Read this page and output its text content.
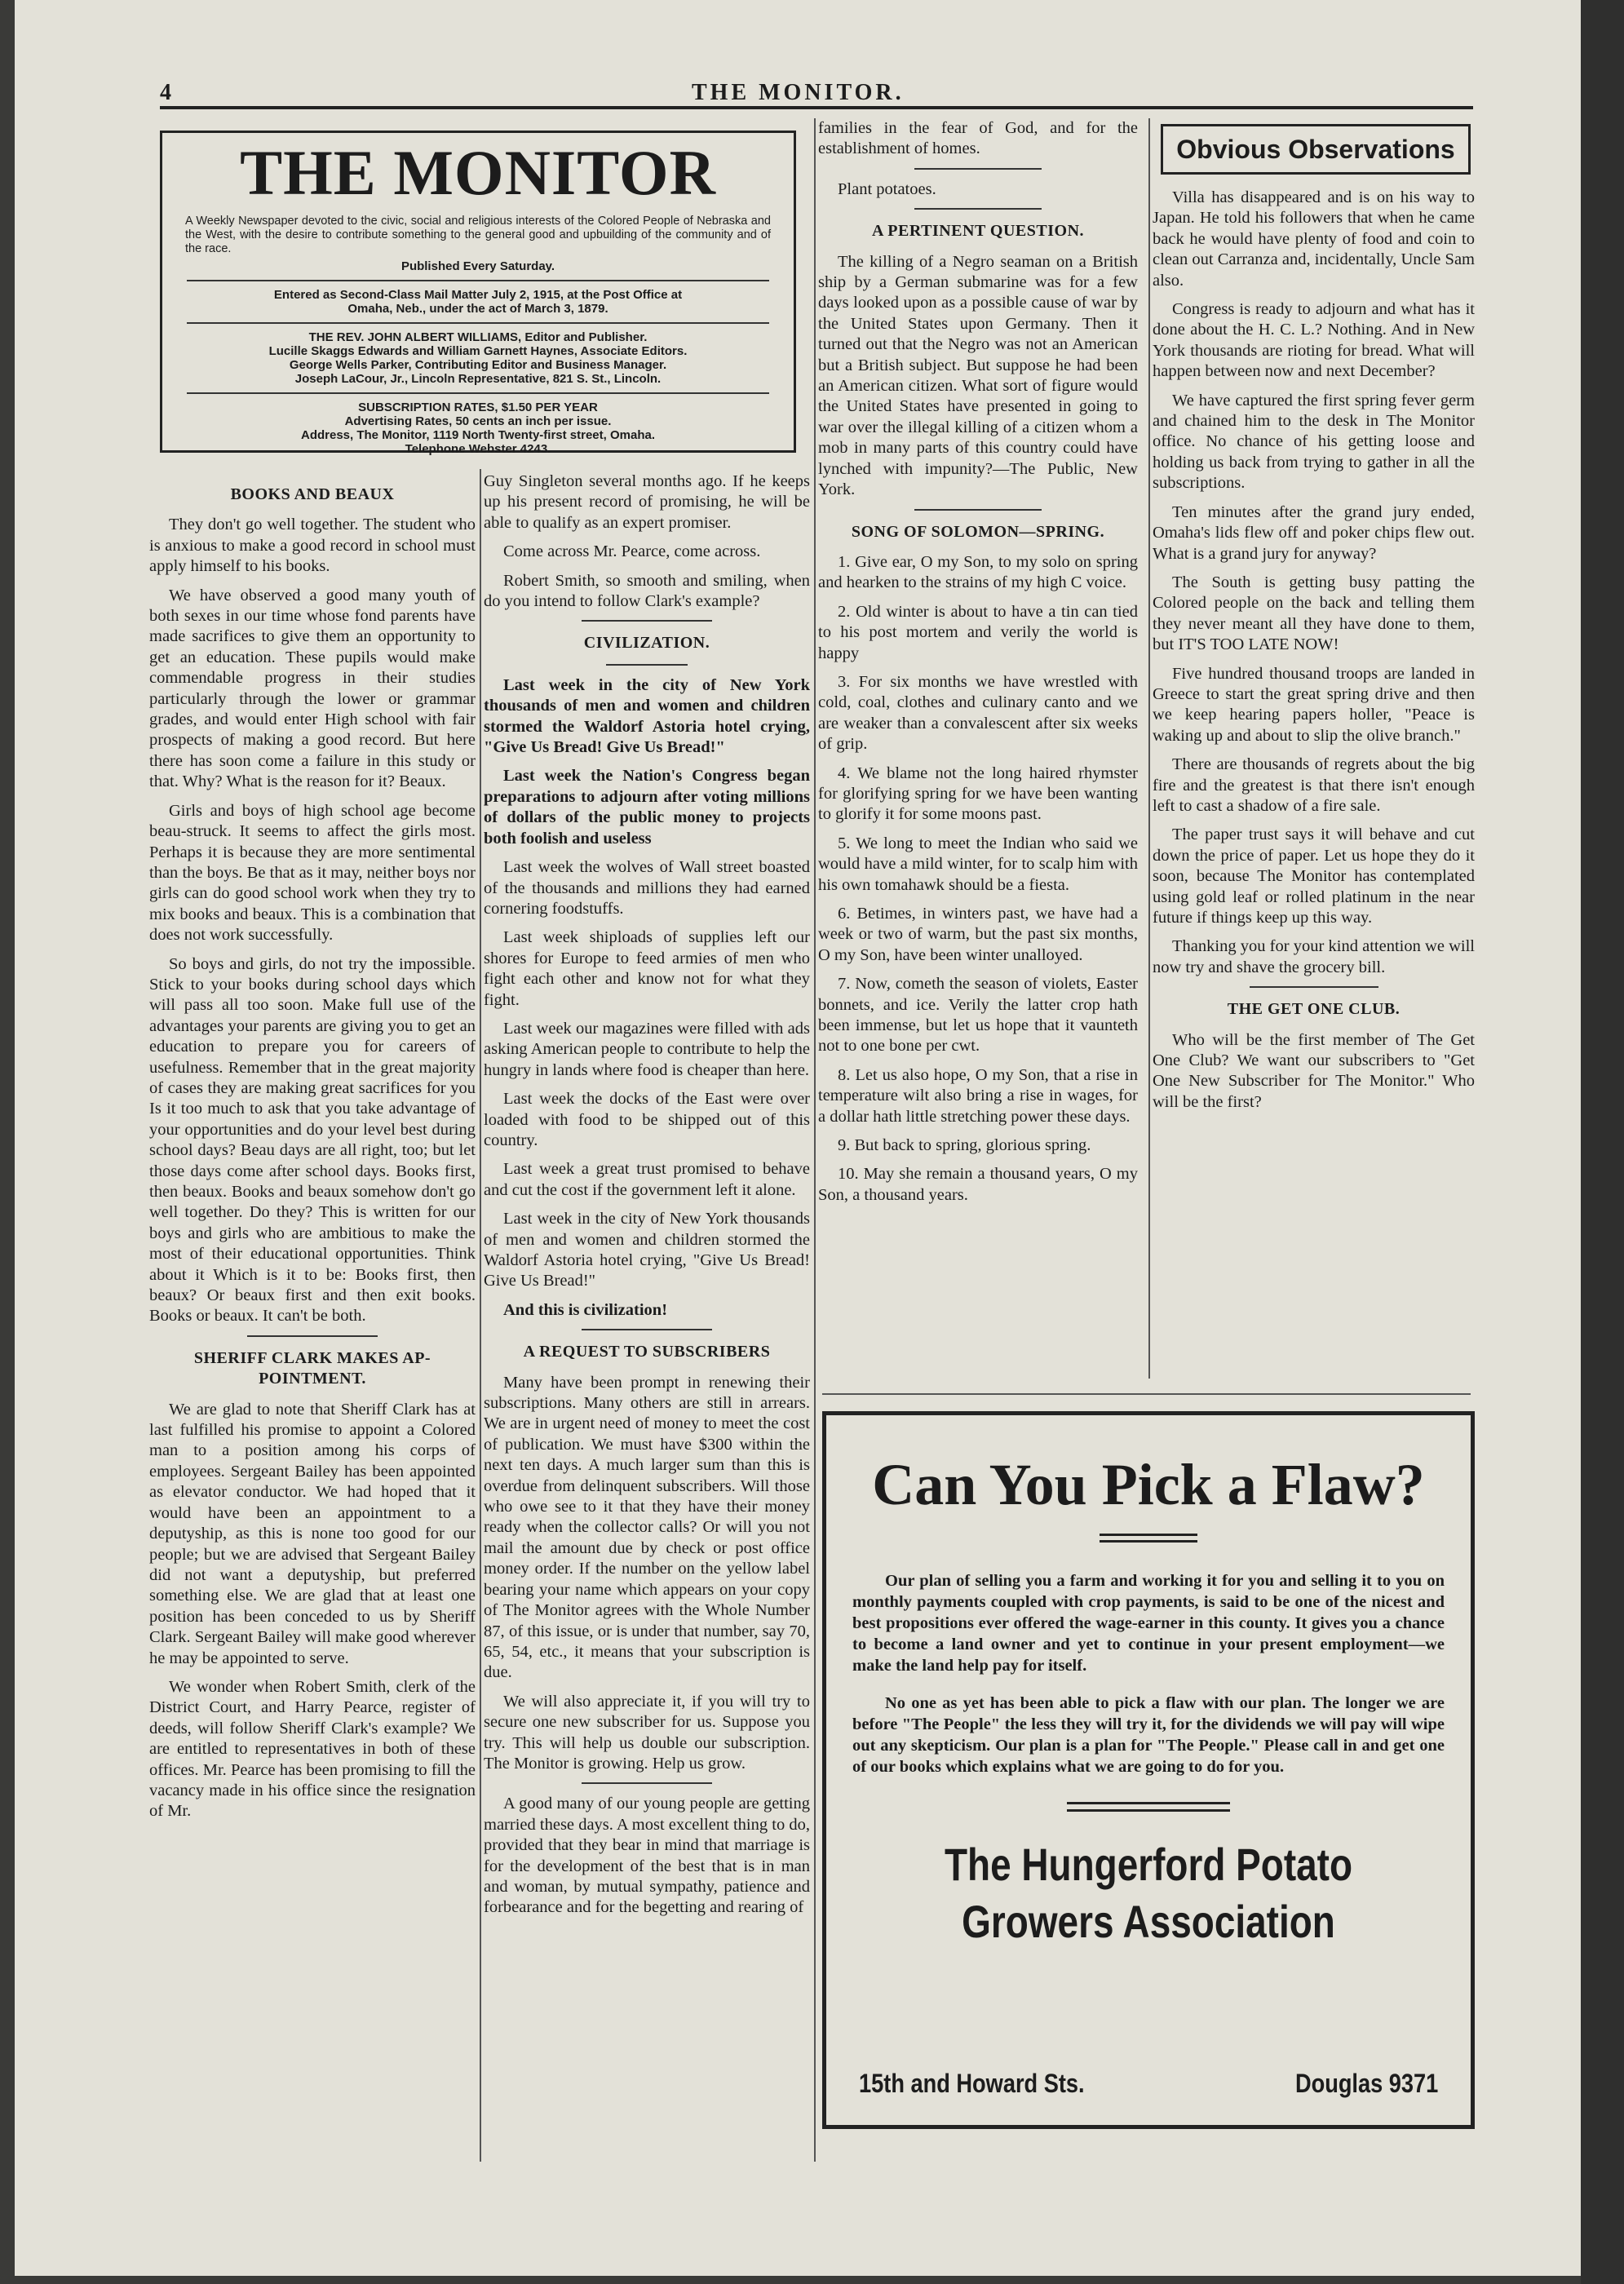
4	THE MONITOR.
THE MONITOR
A Weekly Newspaper devoted to the civic, social and religious interests of the Colored People of Nebraska and the West, with the desire to contribute something to the general good and upbuilding of the community and of the race.
Published Every Saturday.
Entered as Second-Class Mail Matter July 2, 1915, at the Post Office at
Omaha, Neb., under the act of March 3, 1879.
THE REV. JOHN ALBERT WILLIAMS, Editor and Publisher.
Lucille Skaggs Edwards and William Garnett Haynes, Associate Editors.
George Wells Parker, Contributing Editor and Business Manager.
Joseph LaCour, Jr., Lincoln Representative, 821 S. St., Lincoln.
SUBSCRIPTION RATES, $1.50 PER YEAR
Advertising Rates, 50 cents an inch per issue.
Address, The Monitor, 1119 North Twenty-first street, Omaha.
Telephone Webster 4243.
BOOKS AND BEAUX

They don't go well together. The student who is anxious to make a good record in school must apply himself to his books.

We have observed a good many youth of both sexes in our time whose fond parents have made sacrifices to give them an opportunity to get an education. These pupils would make commendable progress in their studies particularly through the lower or grammar grades, and would enter High school with fair prospects of making a good record. But here there has soon come a failure in this study or that. Why? What is the reason for it? Beaux.

Girls and boys of high school age become beau-struck. It seems to affect the girls most. Perhaps it is because they are more sentimental than the boys. Be that as it may, neither boys nor girls can do good school work when they try to mix books and beaux. This is a combination that does not work successfully.

So boys and girls, do not try the impossible. Stick to your books during school days which will pass all too soon. Make full use of the advantages your parents are giving you to get an education to prepare you for careers of usefulness. Remember that in the great majority of cases they are making great sacrifices for you Is it too much to ask that you take advantage of your opportunities and do your level best during school days? Beau days are all right, too; but let those days come after school days. Books first, then beaux. Books and beaux somehow don't go well together. Do they? This is written for our boys and girls who are ambitious to make the most of their educational opportunities. Think about it Which is it to be: Books first, then beaux? Or beaux first and then exit books. Books or beaux. It can't be both.

SHERIFF CLARK MAKES AP-POINTMENT.

We are glad to note that Sheriff Clark has at last fulfilled his promise to appoint a Colored man to a position among his corps of employees. Sergeant Bailey has been appointed as elevator conductor. We had hoped that it would have been an appointment to a deputyship, as this is none too good for our people; but we are advised that Sergeant Bailey did not want a deputyship, but preferred something else. We are glad that at least one position has been conceded to us by Sheriff Clark. Sergeant Bailey will make good wherever he may be appointed to serve.

We wonder when Robert Smith, clerk of the District Court, and Harry Pearce, register of deeds, will follow Sheriff Clark's example? We are entitled to representatives in both of these offices. Mr. Pearce has been promising to fill the vacancy made in his office since the resignation of Mr.

Guy Singleton several months ago. If he keeps up his present record of promising, he will be able to qualify as an expert promiser.

Come across Mr. Pearce, come across.

Robert Smith, so smooth and smiling, when do you intend to follow Clark's example?

CIVILIZATION.

Last week in the city of New York thousands of men and women and children stormed the Waldorf Astoria hotel crying, "Give Us Bread! Give Us Bread!"

Last week the Nation's Congress began preparations to adjourn after voting millions of dollars of the public money to projects both foolish and useless

Last week the wolves of Wall street boasted of the thousands and millions they had earned cornering foodstuffs.

Last week shiploads of supplies left our shores for Europe to feed armies of men who fight each other and know not for what they fight.

Last week our magazines were filled with ads asking American people to contribute to help the hungry in lands where food is cheaper than here.

Last week the docks of the East were over loaded with food to be shipped out of this country.

Last week a great trust promised to behave and cut the cost if the government left it alone.

Last week in the city of New York thousands of men and women and children stormed the Waldorf Astoria hotel crying, "Give Us Bread! Give Us Bread!"

And this is civilization!

A REQUEST TO SUBSCRIBERS

Many have been prompt in renewing their subscriptions. Many others are still in arrears. We are in urgent need of money to meet the cost of publication. We must have $300 within the next ten days. A much larger sum than this is overdue from delinquent subscribers. Will those who owe see to it that they have their money ready when the collector calls? Or will you not mail the amount due by check or post office money order. If the number on the yellow label bearing your name which appears on your copy of The Monitor agrees with the Whole Number 87, of this issue, or is under that number, say 70, 65, 54, etc., it means that your subscription is due.

We will also appreciate it, if you will try to secure one new subscriber for us. Suppose you try. This will help us double our subscription. The Monitor is growing. Help us grow.

A good many of our young people are getting married these days. A most excellent thing to do, provided that they bear in mind that marriage is for the development of the best that is in man and woman, by mutual sympathy, patience and forbearance and for the begetting and rearing of

families in the fear of God, and for the establishment of homes.

Plant potatoes.

A PERTINENT QUESTION.

The killing of a Negro seaman on a British ship by a German submarine was for a few days looked upon as a possible cause of war by the United States upon Germany. Then it turned out that the Negro was not an American but a British subject. But suppose he had been an American citizen. What sort of figure would the United States have presented in going to war over the illegal killing of a citizen whom a mob in many parts of this country could have lynched with impunity?—The Public, New York.

SONG OF SOLOMON—SPRING.

1. Give ear, O my Son, to my solo on spring and hearken to the strains of my high C voice.

2. Old winter is about to have a tin can tied to his post mortem and verily the world is happy

3. For six months we have wrestled with cold, coal, clothes and culinary canto and we are weaker than a convalescent after six weeks of grip.

4. We blame not the long haired rhymster for glorifying spring for we have been wanting to glorify it for some moons past.

5. We long to meet the Indian who said we would have a mild winter, for to scalp him with his own tomahawk should be a fiesta.

6. Betimes, in winters past, we have had a week or two of warm, but the past six months, O my Son, have been winter unalloyed.

7. Now, cometh the season of violets, Easter bonnets, and ice. Verily the latter crop hath been immense, but let us hope that it vaunteth not to one bone per cwt.

8. Let us also hope, O my Son, that a rise in temperature wilt also bring a rise in wages, for a dollar hath little stretching power these days.

9. But back to spring, glorious spring.

10. May she remain a thousand years, O my Son, a thousand years.

Obvious Observations

Villa has disappeared and is on his way to Japan. He told his followers that when he came back he would have plenty of food and coin to clean out Carranza and, incidentally, Uncle Sam also.

Congress is ready to adjourn and what has it done about the H. C. L.? Nothing. And in New York thousands are rioting for bread. What will happen between now and next December?

We have captured the first spring fever germ and chained him to the desk in The Monitor office. No chance of his getting loose and holding us back from trying to gather in all the subscriptions.

Ten minutes after the grand jury ended, Omaha's lids flew off and poker chips flew out. What is a grand jury for anyway?

The South is getting busy patting the Colored people on the back and telling them they never meant all they have done to them, but IT'S TOO LATE NOW!

Five hundred thousand troops are landed in Greece to start the great spring drive and then we keep hearing papers holler, "Peace is waking up and about to slip the olive branch."

There are thousands of regrets about the big fire and the greatest is that there isn't enough left to cast a shadow of a fire sale.

The paper trust says it will behave and cut down the price of paper. Let us hope they do it soon, because The Monitor has contemplated using gold leaf or rolled platinum in the near future if things keep up this way.

Thanking you for your kind attention we will now try and shave the grocery bill.

THE GET ONE CLUB.

Who will be the first member of The Get One Club? We want our subscribers to "Get One New Subscriber for The Monitor." Who will be the first?

Can You Pick a Flaw?

Our plan of selling you a farm and working it for you and selling it to you on monthly payments coupled with crop payments, is said to be one of the nicest and best propositions ever offered the wage-earner in this county. It gives you a chance to become a land owner and yet to continue in your present employment—we make the land help pay for itself.

No one as yet has been able to pick a flaw with our plan. The longer we are before "The People" the less they will try it, for the dividends we will pay will wipe out any skepticism. Our plan is a plan for "The People." Please call in and get one of our books which explains what we are going to do for you.

The Hungerford Potato Growers Association
15th and Howard Sts.	Douglas 9371
